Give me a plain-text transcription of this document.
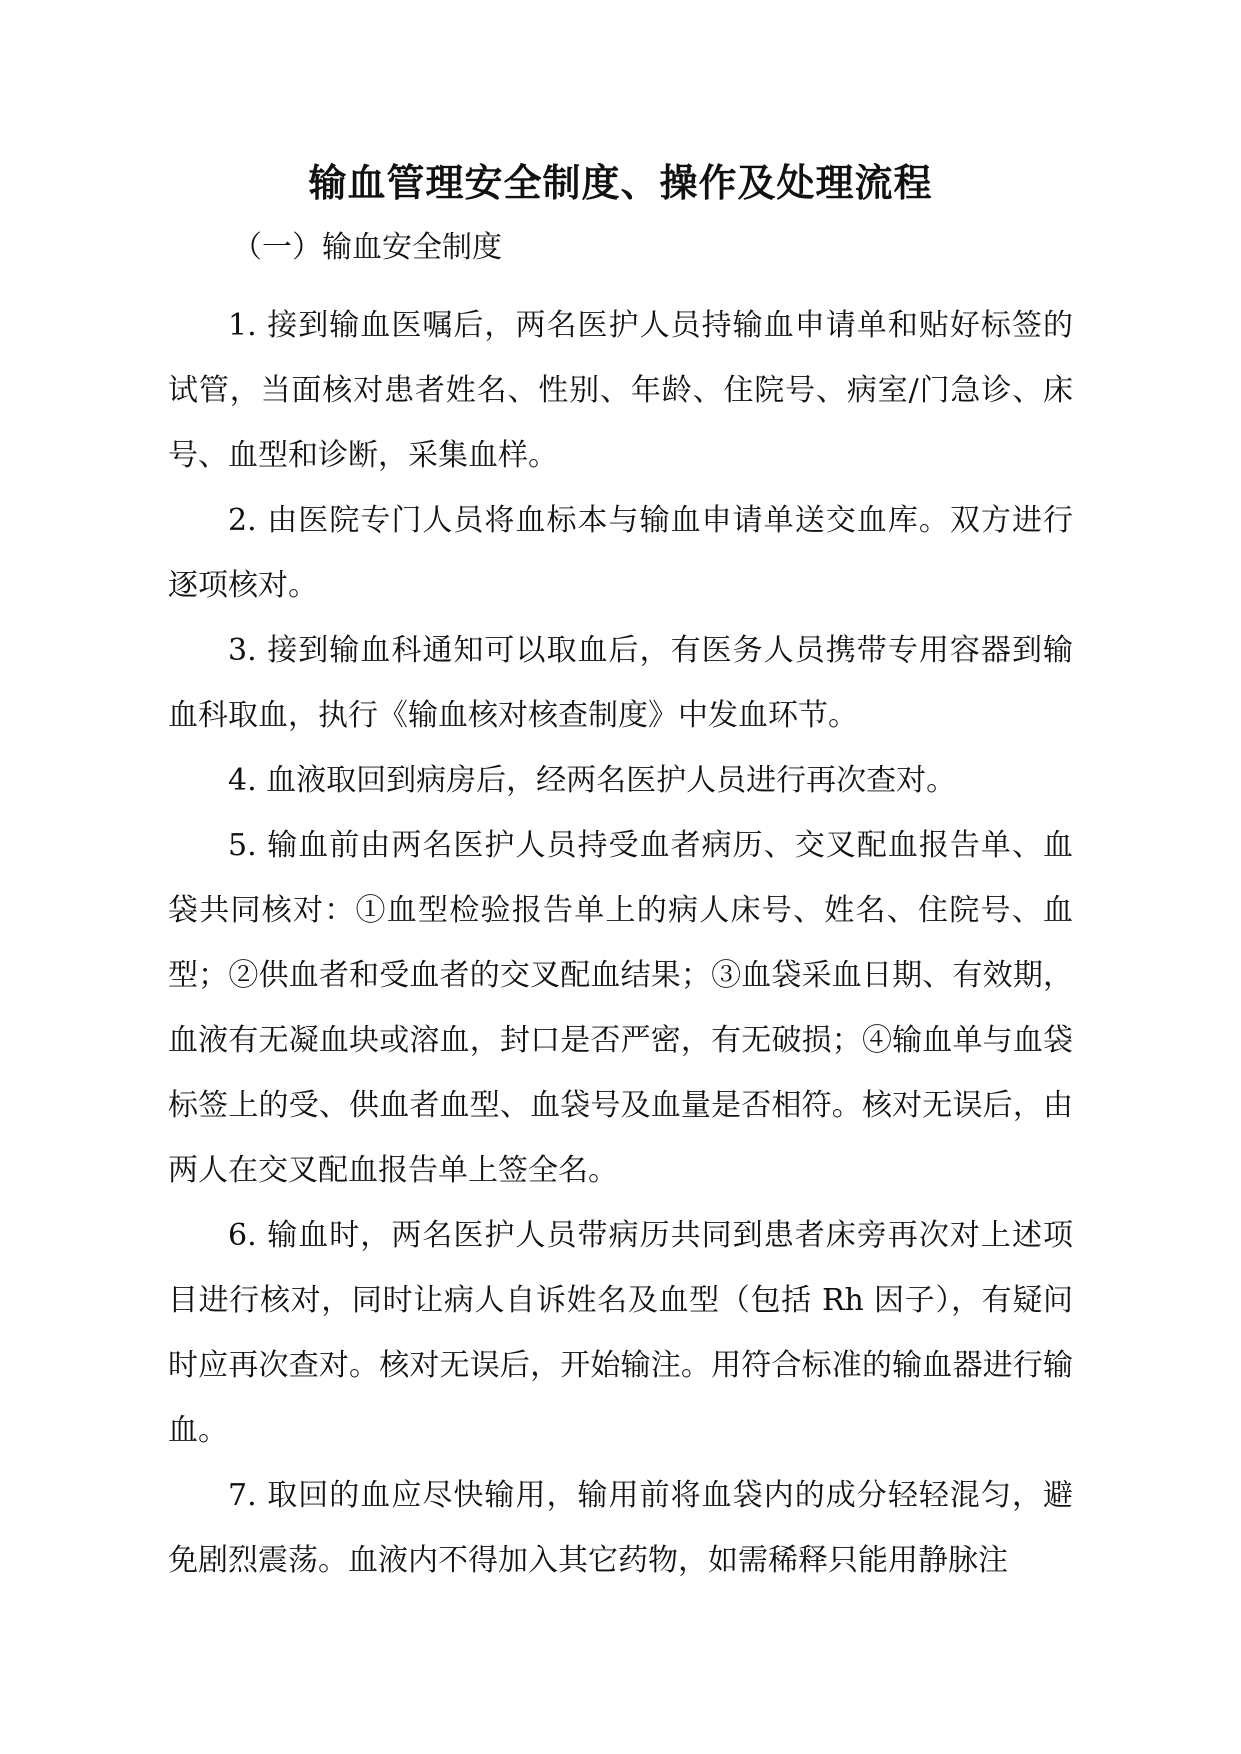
输血管理安全制度、操作及处理流程
（一）输血安全制度

1. 接到输血医嘱后，两名医护人员持输血申请单和贴好标签的试管，当面核对患者姓名、性别、年龄、住院号、病室/门急诊、床号、血型和诊断，采集血样。

2. 由医院专门人员将血标本与输血申请单送交血库。双方进行逐项核对。

3. 接到输血科通知可以取血后，有医务人员携带专用容器到输血科取血，执行《输血核对核查制度》中发血环节。

4. 血液取回到病房后，经两名医护人员进行再次查对。

5. 输血前由两名医护人员持受血者病历、交叉配血报告单、血袋共同核对：①血型检验报告单上的病人床号、姓名、住院号、血型；②供血者和受血者的交叉配血结果；③血袋采血日期、有效期，血液有无凝血块或溶血，封口是否严密，有无破损；④输血单与血袋标签上的受、供血者血型、血袋号及血量是否相符。核对无误后，由两人在交叉配血报告单上签全名。

6. 输血时，两名医护人员带病历共同到患者床旁再次对上述项目进行核对，同时让病人自诉姓名及血型（包括 Rh 因子），有疑问时应再次查对。核对无误后，开始输注。用符合标准的输血器进行输血。

7. 取回的血应尽快输用，输用前将血袋内的成分轻轻混匀，避免剧烈震荡。血液内不得加入其它药物，如需稀释只能用静脉注
